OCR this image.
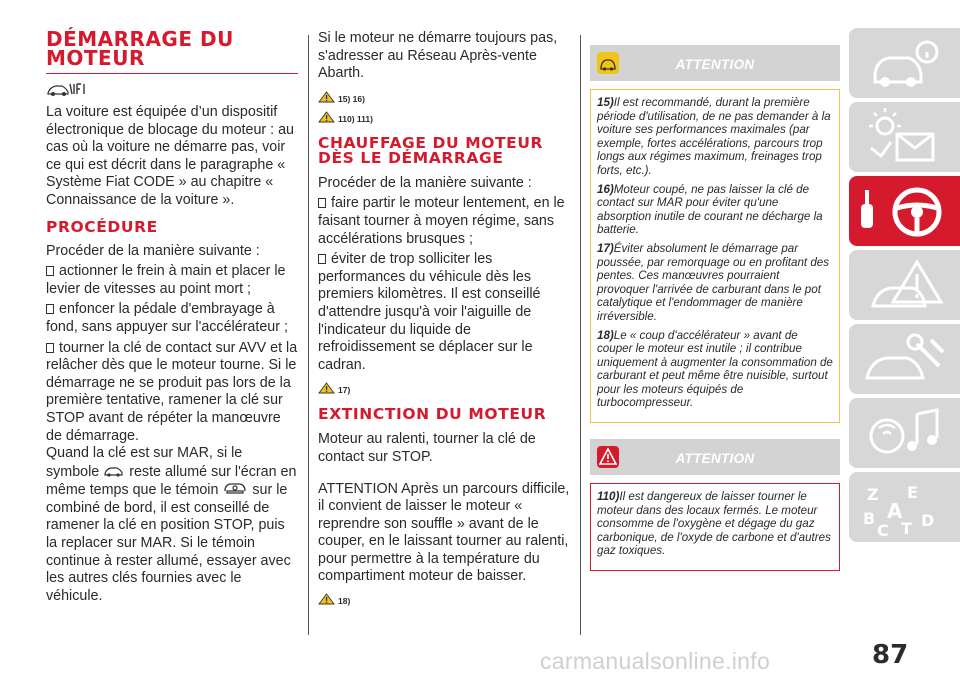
DÉMARRAGE DU MOTEUR

La voiture est équipée d’un dispositif électronique de blocage du moteur : au cas où la voiture ne démarre pas, voir ce qui est décrit dans le paragraphe « Système Fiat CODE » au chapitre « Connaissance de la voiture ».

PROCÉDURE

Procéder de la manière suivante :

actionner le frein à main et placer le levier de vitesses au point mort ;

enfoncer la pédale d'embrayage à fond, sans appuyer sur l'accélérateur ;

tourner la clé de contact sur AVV et la relâcher dès que le moteur tourne. Si le démarrage ne se produit pas lors de la première tentative, ramener la clé sur STOP avant de répéter la manœuvre de démarrage.

Quand la clé est sur MAR, si le symbole reste allumé sur l'écran en même temps que le témoin sur le combiné de bord, il est conseillé de ramener la clé en position STOP, puis la replacer sur MAR. Si le témoin continue à rester allumé, essayer avec les autres clés fournies avec le véhicule.

Si le moteur ne démarre toujours pas, s'adresser au Réseau Après-vente Abarth.

15) 16)
110) 111)
CHAUFFAGE DU MOTEUR
DÈS LE DÉMARRAGE

Procéder de la manière suivante :

faire partir le moteur lentement, en le faisant tourner à moyen régime, sans accélérations brusques ;

éviter de trop solliciter les performances du véhicule dès les premiers kilomètres. Il est conseillé d'attendre jusqu'à voir l'aiguille de l'indicateur du liquide de refroidissement se déplacer sur le cadran.

17)
EXTINCTION DU MOTEUR

Moteur au ralenti, tourner la clé de contact sur STOP.

ATTENTION Après un parcours difficile, il convient de laisser le moteur « reprendre son souffle » avant de le couper, en le laissant tourner au ralenti, pour permettre à la température du compartiment moteur de baisser.

18)
ATTENTION

15)Il est recommandé, durant la première période d'utilisation, de ne pas demander à la voiture ses performances maximales (par exemple, fortes accélérations, parcours trop longs aux régimes maximum, freinages trop forts, etc.).

16)Moteur coupé, ne pas laisser la clé de contact sur MAR pour éviter qu'une absorption inutile de courant ne décharge la batterie.

17)Éviter absolument le démarrage par poussée, par remorquage ou en profitant des pentes. Ces manœuvres pourraient provoquer l'arrivée de carburant dans le pot catalytique et l'endommager de manière irréversible.

18)Le « coup d'accélérateur » avant de couper le moteur est inutile ; il contribue uniquement à augmenter la consommation de carburant et peut même être nuisible, surtout pour les moteurs équipés de turbocompresseur.

ATTENTION

110)Il est dangereux de laisser tourner le moteur dans des locaux fermés. Le moteur consomme de l'oxygène et dégage du gaz carbonique, de l'oxyde de carbone et d'autres gaz toxiques.

Z E
A
B
C T D
87
carmanualsonline.info
